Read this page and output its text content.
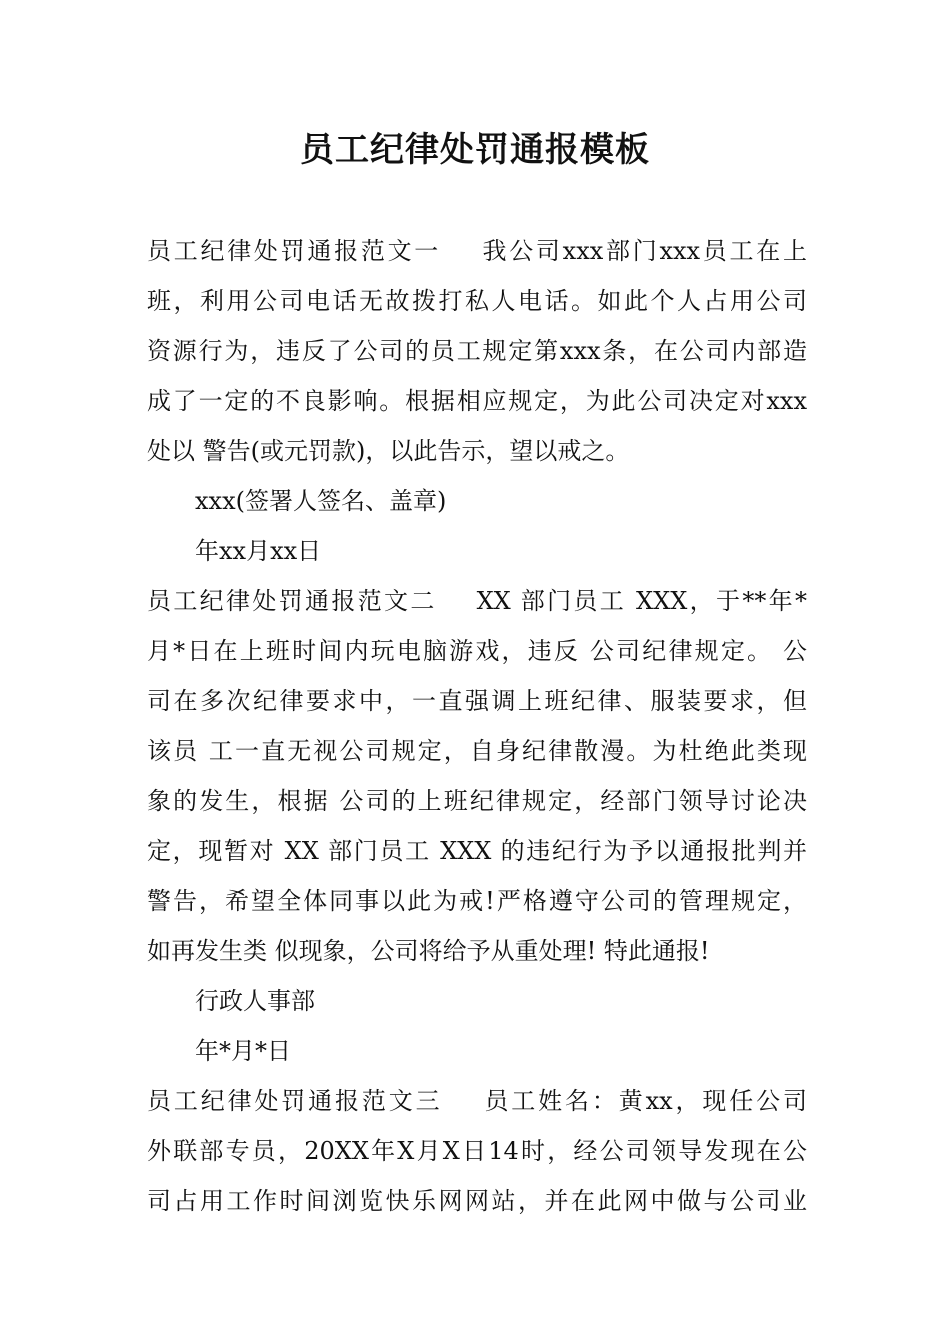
员工纪律处罚通报模板
员工纪律处罚通报范文一    我公司xxx部门xxx员工在上
班，利用公司电话无故拨打私人电话。如此个人占用公司
资源行为，违反了公司的员工规定第xxx条，在公司内部造
成了一定的不良影响。根据相应规定，为此公司决定对xxx
处以 警告(或元罚款)，以此告示，望以戒之。
xxx(签署人签名、盖章)
年xx月xx日
员工纪律处罚通报范文二    XX 部门员工 XXX，于**年*
月*日在上班时间内玩电脑游戏，违反 公司纪律规定。 公
司在多次纪律要求中，一直强调上班纪律、服装要求，但
该员 工一直无视公司规定，自身纪律散漫。为杜绝此类现
象的发生，根据 公司的上班纪律规定，经部门领导讨论决
定，现暂对 XX 部门员工 XXX 的违纪行为予以通报批判并
警告，希望全体同事以此为戒!严格遵守公司的管理规定，
如再发生类 似现象，公司将给予从重处理! 特此通报!
行政人事部
年*月*日
员工纪律处罚通报范文三    员工姓名：黄xx，现任公司
外联部专员，20XX年X月X日14时，经公司领导发现在公
司占用工作时间浏览快乐网网站，并在此网中做与公司业
